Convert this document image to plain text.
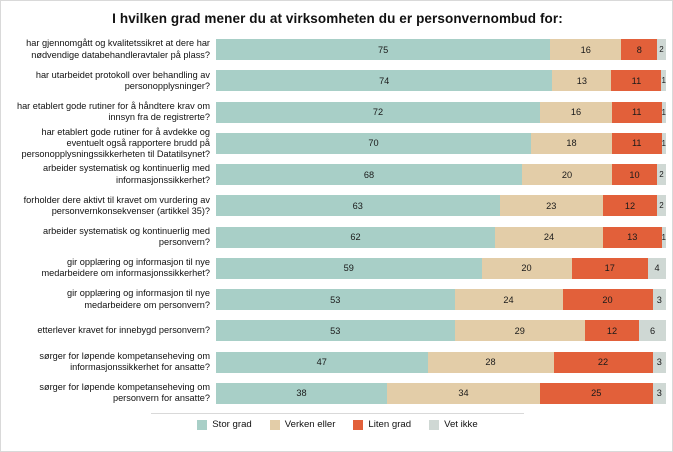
I hvilken grad mener du at virksomheten du er personvernombud for:
har gjennomgått og kvalitetssikret at dere har nødvendige databehandleravtaler på plass?	75	16	8 2
har utarbeidet protokoll over behandling av personopplysninger?	74	13	11	1
har etablert gode rutiner for å håndtere krav om innsyn fra de registrerte?	72	16	11	1
har etablert gode rutiner for å avdekke og eventuelt også rapportere brudd på personopplysningssikkerheten til Datatilsynet?
70	18	11	1
arbeider systematisk og kontinuerlig med informasjonssikkerhet?	68	20	10 2
forholder dere aktivt til kravet om vurdering av personvernkonsekvenser (artikkel 35)?	63	23	12	2
arbeider systematisk og kontinuerlig med personvern?	62	24	13	1
gir opplæring og informasjon til nye medarbeidere om informasjonssikkerhet?	59	20	17	4
gir opplæring og informasjon til nye medarbeidere om personvern?	53	24	20	3
etterlever kravet for innebygd personvern?	53	29	12	6
sørger for løpende kompetanseheving om informasjonssikkerhet for ansatte?	47	28	22	3
sørger for løpende kompetanseheving om personvern for ansatte?	38	34	25	3
Stor grad	Verken eller	Liten grad	Vet ikke
